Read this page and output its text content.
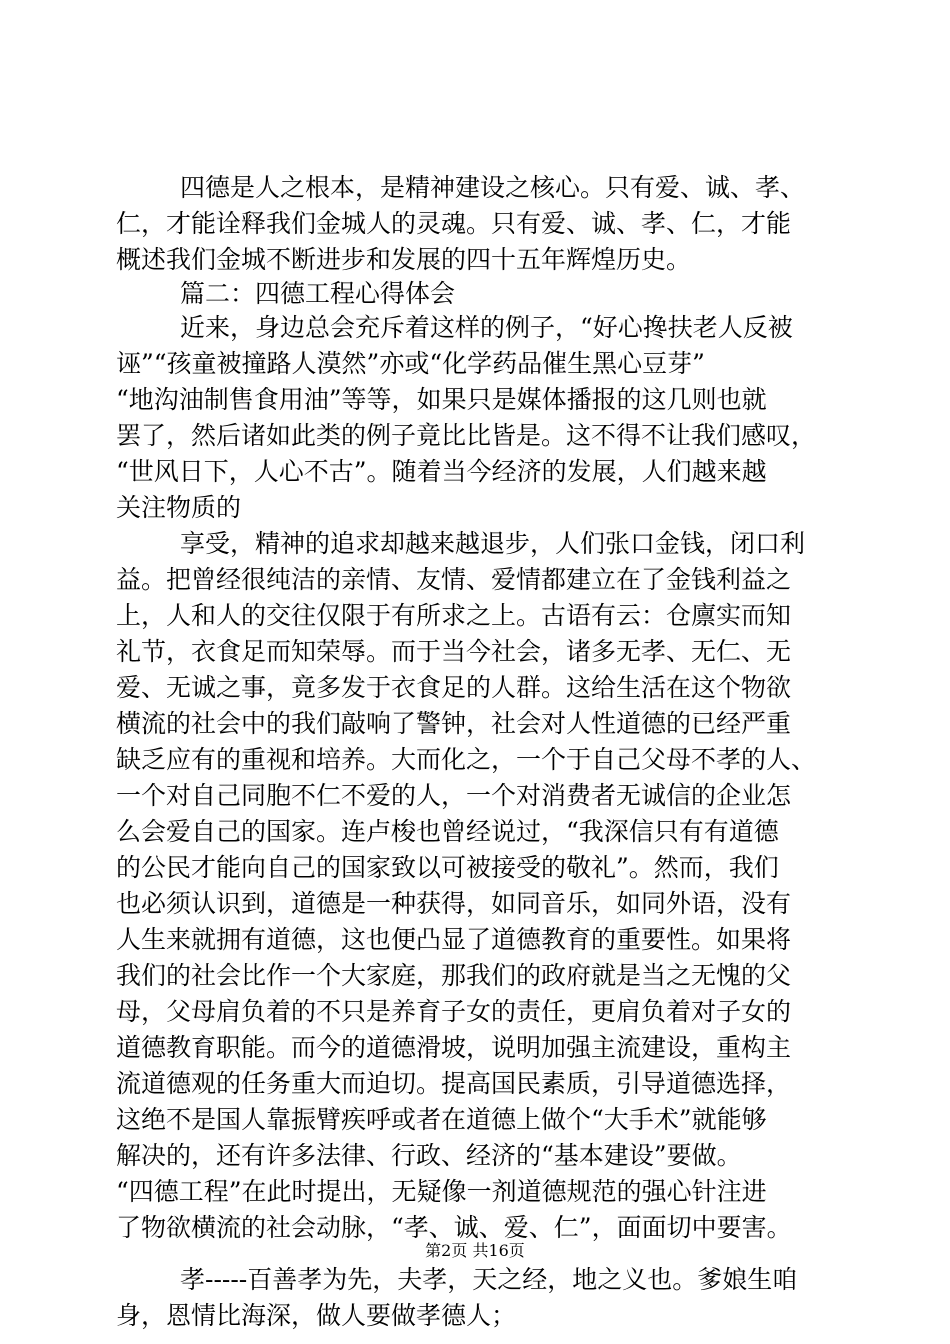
四德是人之根本，是精神建设之核心。只有爱、诚、孝、
仁，才能诠释我们金城人的灵魂。只有爱、诚、孝、仁，才能
概述我们金城不断进步和发展的四十五年辉煌历史。
篇二：四德工程心得体会
近来，身边总会充斥着这样的例子，“好心搀扶老人反被
诬”“孩童被撞路人漠然”亦或“化学药品催生黑心豆芽”
“地沟油制售食用油”等等，如果只是媒体播报的这几则也就
罢了，然后诸如此类的例子竟比比皆是。这不得不让我们感叹，
“世风日下，人心不古”。随着当今经济的发展，人们越来越
关注物质的
享受，精神的追求却越来越退步，人们张口金钱，闭口利
益。把曾经很纯洁的亲情、友情、爱情都建立在了金钱利益之
上，人和人的交往仅限于有所求之上。古语有云：仓廪实而知
礼节，衣食足而知荣辱。而于当今社会，诸多无孝、无仁、无
爱、无诚之事，竟多发于衣食足的人群。这给生活在这个物欲
横流的社会中的我们敲响了警钟，社会对人性道德的已经严重
缺乏应有的重视和培养。大而化之，一个于自己父母不孝的人、
一个对自己同胞不仁不爱的人，一个对消费者无诚信的企业怎
么会爱自己的国家。连卢梭也曾经说过，“我深信只有有道德
的公民才能向自己的国家致以可被接受的敬礼”。然而，我们
也必须认识到，道德是一种获得，如同音乐，如同外语，没有
人生来就拥有道德，这也便凸显了道德教育的重要性。如果将
我们的社会比作一个大家庭，那我们的政府就是当之无愧的父
母，父母肩负着的不只是养育子女的责任，更肩负着对子女的
道德教育职能。而今的道德滑坡，说明加强主流建设，重构主
流道德观的任务重大而迫切。提高国民素质，引导道德选择，
这绝不是国人靠振臂疾呼或者在道德上做个“大手术”就能够
解决的，还有许多法律、行政、经济的“基本建设”要做。
“四德工程”在此时提出，无疑像一剂道德规范的强心针注进
了物欲横流的社会动脉，“孝、诚、爱、仁”，面面切中要害。
孝-----百善孝为先，夫孝，天之经，地之义也。爹娘生咱
身，恩情比海深，做人要做孝德人；
第2页 共16页
